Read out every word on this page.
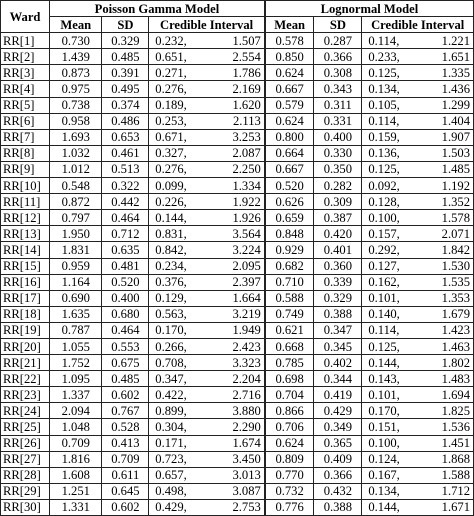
Ward	Poisson Gamma Model				Lognormal Model			
	Mean	SD	Credible Interval		Mean	SD	Credible Interval	
RR[1]	0.730	0.329	0.232,	1.507	0.578	0.287	0.114,	1.221
RR[2]	1.439	0.485	0.651,	2.554	0.850	0.366	0.233,	1.651
RR[3]	0.873	0.391	0.271,	1.786	0.624	0.308	0.125,	1.335
RR[4]	0.975	0.495	0.276,	2.169	0.667	0.343	0.134,	1.436
RR[5]	0.738	0.374	0.189,	1.620	0.579	0.311	0.105,	1.299
RR[6]	0.958	0.486	0.253,	2.113	0.624	0.331	0.114,	1.404
RR[7]	1.693	0.653	0.671,	3.253	0.800	0.400	0.159,	1.907
RR[8]	1.032	0.461	0.327,	2.087	0.664	0.330	0.136,	1.503
RR[9]	1.012	0.513	0.276,	2.250	0.667	0.350	0.125,	1.485
RR[10]	0.548	0.322	0.099,	1.334	0.520	0.282	0.092,	1.192
RR[11]	0.872	0.442	0.226,	1.922	0.626	0.309	0.128,	1.352
RR[12]	0.797	0.464	0.144,	1.926	0.659	0.387	0.100,	1.578
RR[13]	1.950	0.712	0.831,	3.564	0.848	0.420	0.157,	2.071
RR[14]	1.831	0.635	0.842,	3.224	0.929	0.401	0.292,	1.842
RR[15]	0.959	0.481	0.234,	2.095	0.682	0.360	0.127,	1.530
RR[16]	1.164	0.520	0.376,	2.397	0.710	0.339	0.162,	1.535
RR[17]	0.690	0.400	0.129,	1.664	0.588	0.329	0.101,	1.353
RR[18]	1.635	0.680	0.563,	3.219	0.749	0.388	0.140,	1.679
RR[19]	0.787	0.464	0.170,	1.949	0.621	0.347	0.114,	1.423
RR[20]	1.055	0.553	0.266,	2.423	0.668	0.345	0.125,	1.463
RR[21]	1.752	0.675	0.708,	3.323	0.785	0.402	0.144,	1.802
RR[22]	1.095	0.485	0.347,	2.204	0.698	0.344	0.143,	1.483
RR[23]	1.337	0.602	0.422,	2.716	0.704	0.419	0.101,	1.694
RR[24]	2.094	0.767	0.899,	3.880	0.866	0.429	0.170,	1.825
RR[25]	1.048	0.528	0.304,	2.290	0.706	0.349	0.151,	1.536
RR[26]	0.709	0.413	0.171,	1.674	0.624	0.365	0.100,	1.451
RR[27]	1.816	0.709	0.723,	3.450	0.809	0.409	0.124,	1.868
RR[28]	1.608	0.611	0.657,	3.013	0.770	0.366	0.167,	1.588
RR[29]	1.251	0.645	0.498,	3.087	0.732	0.432	0.134,	1.712
RR[30]	1.331	0.602	0.429,	2.753	0.776	0.388	0.144,	1.671
